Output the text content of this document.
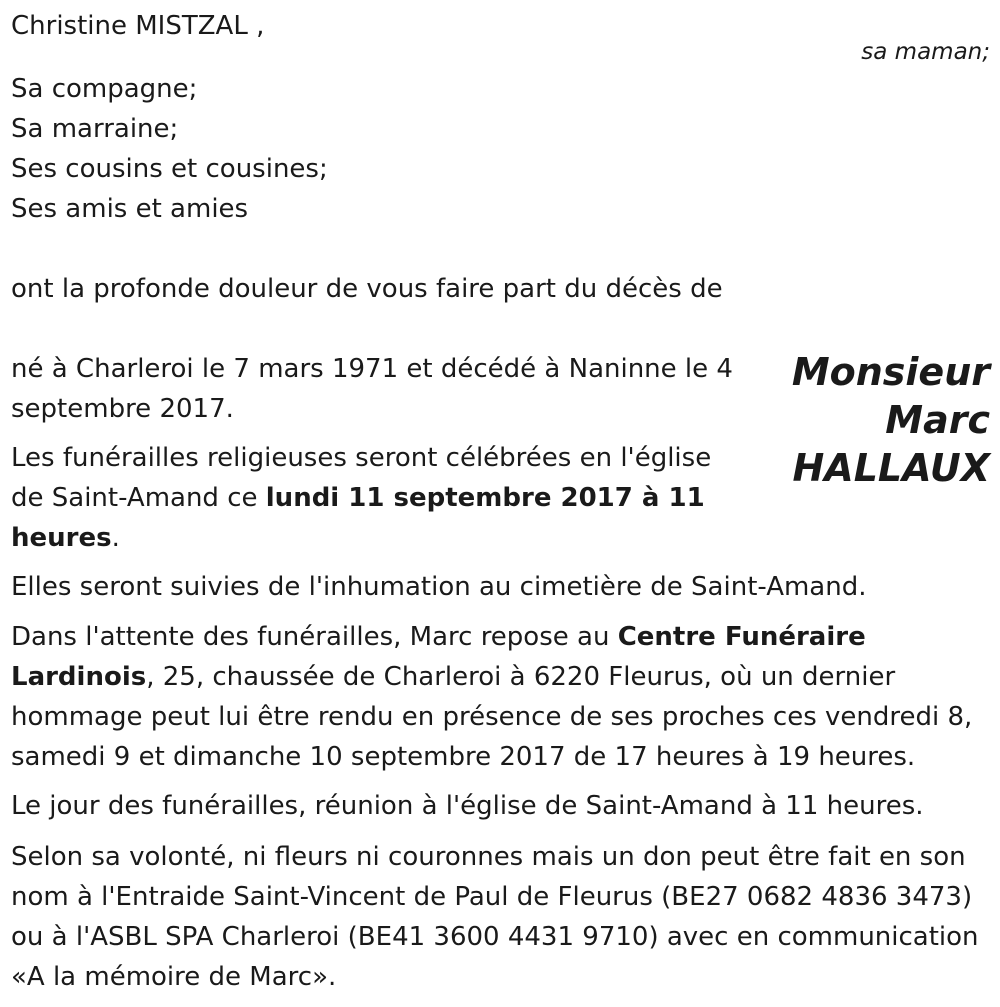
Christine MISTZAL ,

sa maman;

Sa compagne;

Sa marraine;

Ses cousins et cousines;

Ses amis et amies

ont la profonde douleur de vous faire part du décès de

Monsieur
Marc
HALLAUX

né à Charleroi le 7 mars 1971 et décédé à Naninne le 4 septembre 2017.

Les funérailles religieuses seront célébrées en l'église de Saint-Amand ce lundi 11 septembre 2017 à 11 heures.

Elles seront suivies de l'inhumation au cimetière de Saint-Amand.

Dans l'attente des funérailles, Marc repose au Centre Funéraire Lardinois, 25, chaussée de Charleroi à 6220 Fleurus, où un dernier hommage peut lui être rendu en présence de ses proches ces vendredi 8, samedi 9 et dimanche 10 septembre 2017 de 17 heures à 19 heures.

Le jour des funérailles, réunion à l'église de Saint-Amand à 11 heures.

Selon sa volonté, ni fleurs ni couronnes mais un don peut être fait en son nom à l'Entraide Saint-Vincent de Paul de Fleurus (BE27 0682 4836 3473) ou à l'ASBL SPA Charleroi (BE41 3600 4431 9710) avec en communication «A la mémoire de Marc».
